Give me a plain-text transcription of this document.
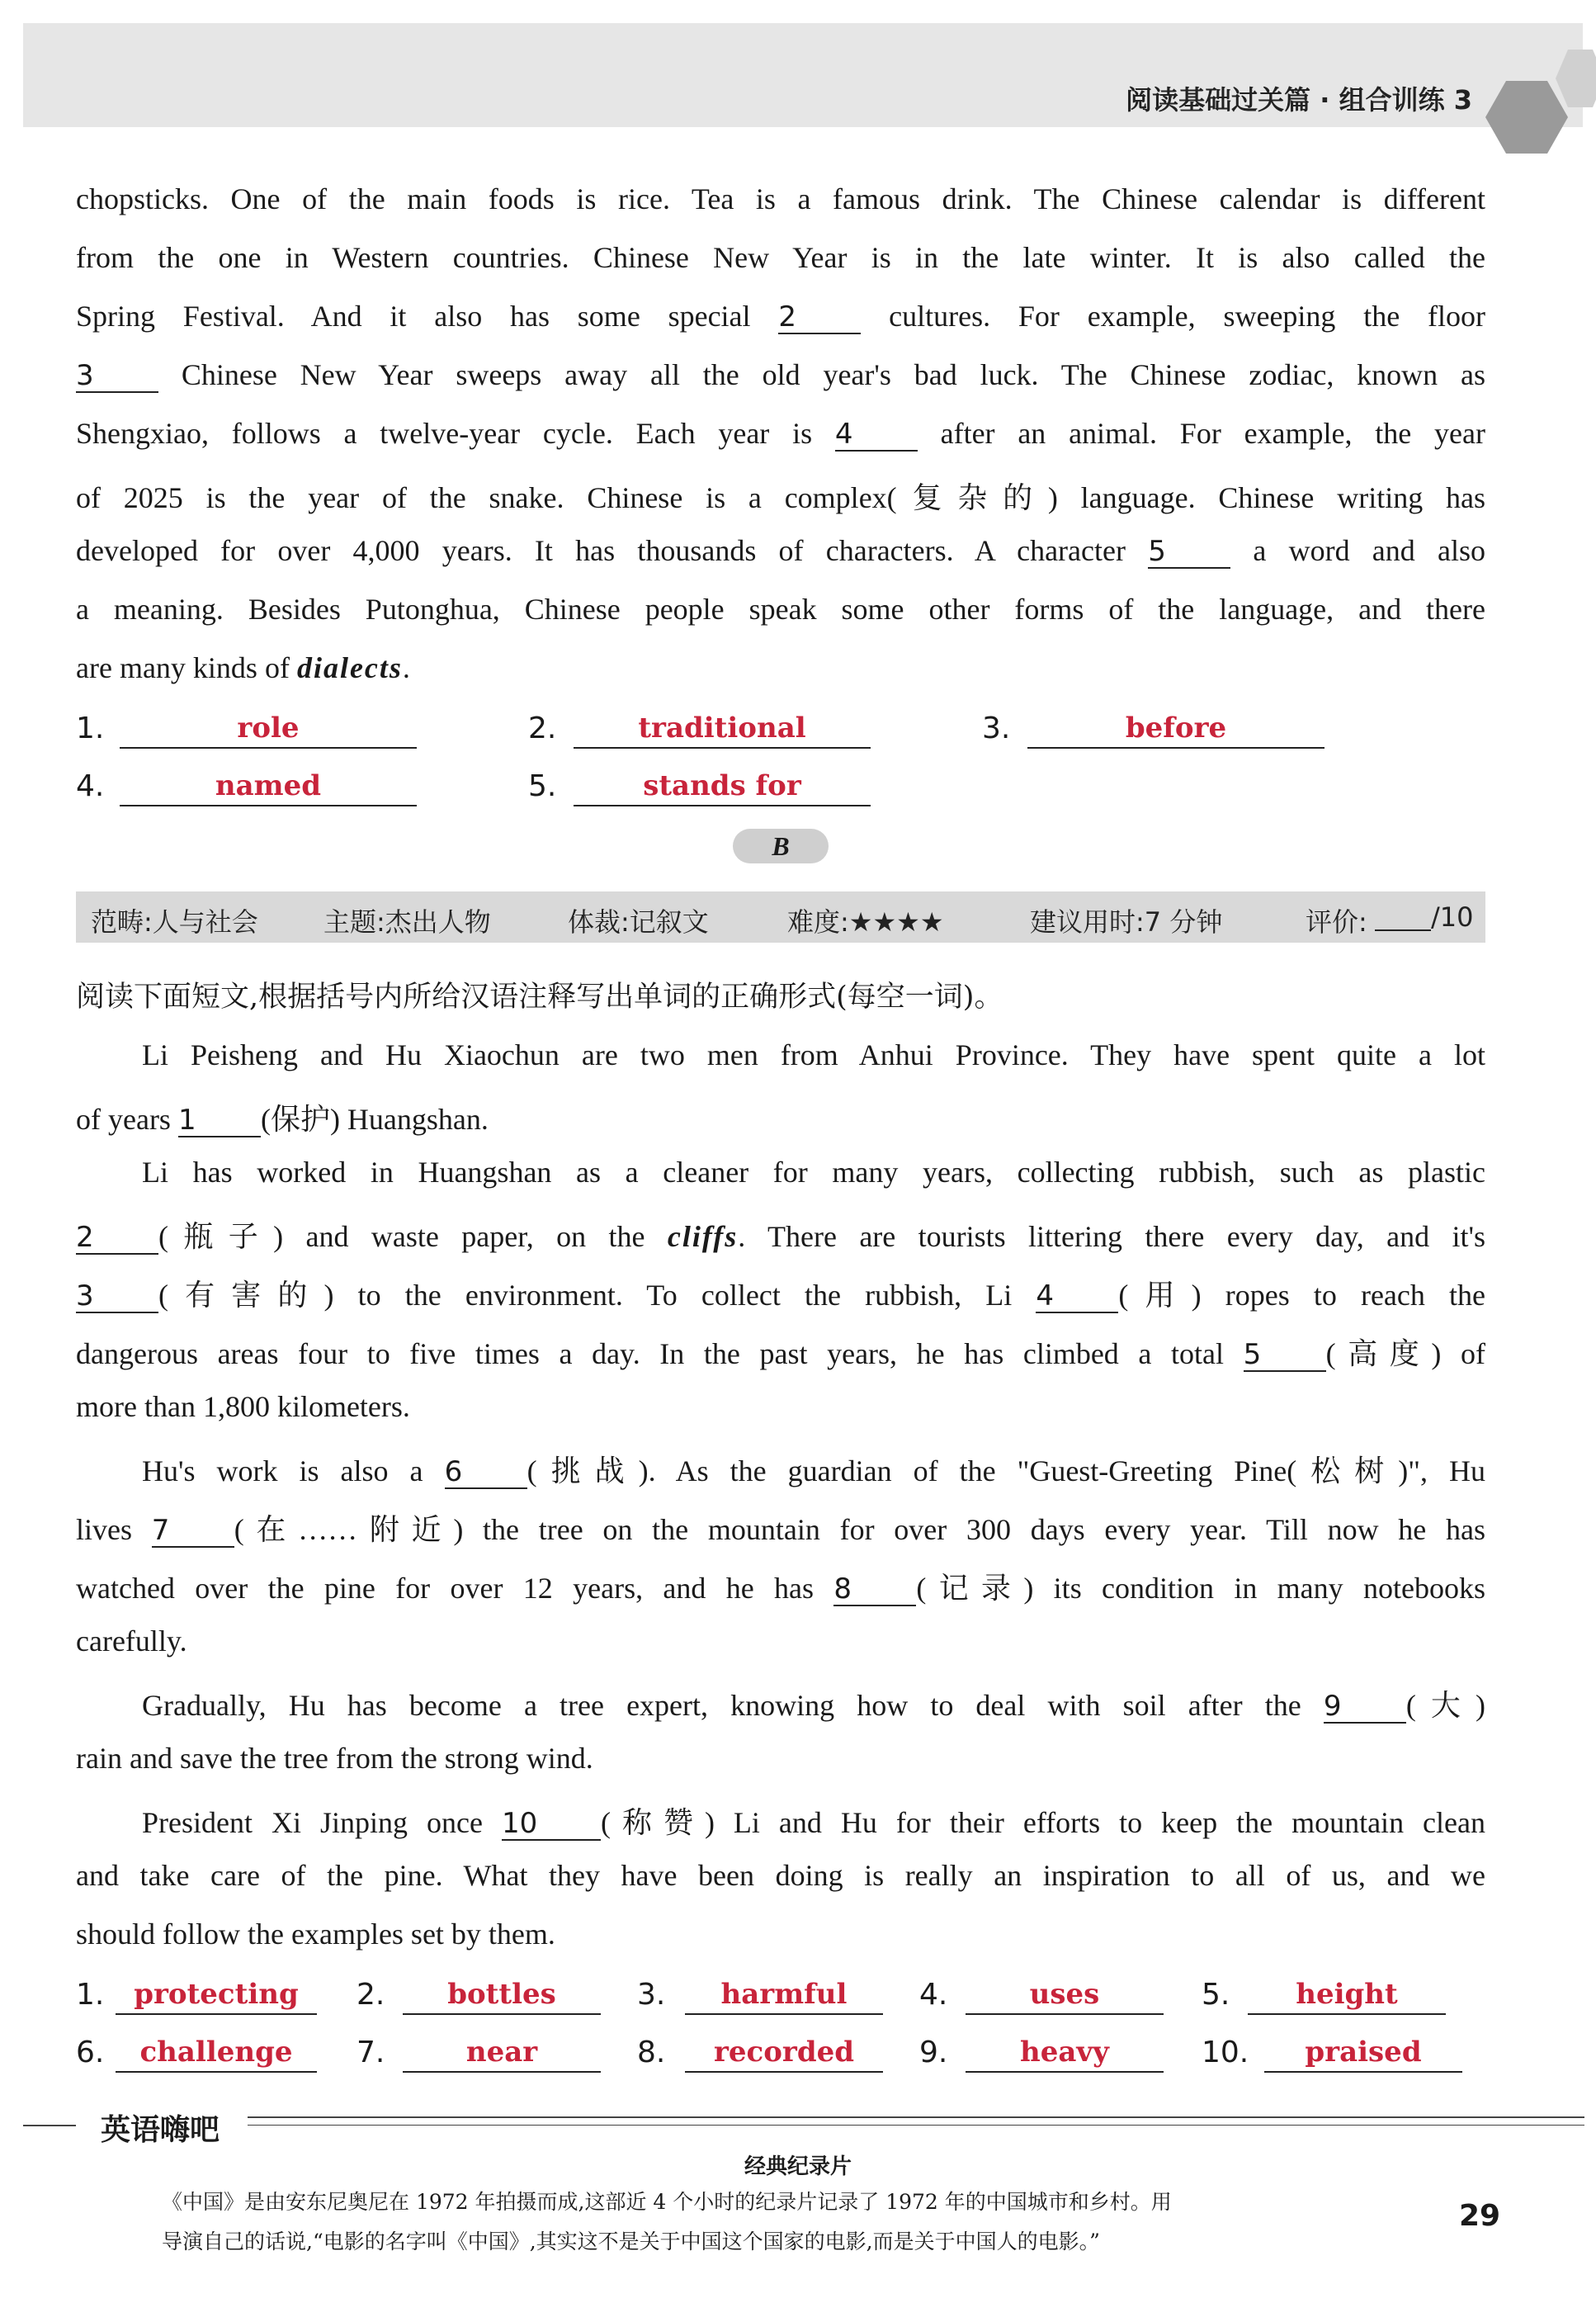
阅读基础过关篇 · 组合训练 3
chopsticks. One of the main foods is rice. Tea is a famous drink. The Chinese calendar is different
from the one in Western countries. Chinese New Year is in the late winter. It is also called the
Spring Festival. And it also has some special 2 cultures. For example, sweeping the floor
3 Chinese New Year sweeps away all the old year's bad luck. The Chinese zodiac, known as
Shengxiao, follows a twelve-year cycle. Each year is 4 after an animal. For example, the year
of 2025 is the year of the snake. Chinese is a complex(复杂的) language. Chinese writing has
developed for over 4,000 years. It has thousands of characters. A character 5 a word and also
a meaning. Besides Putonghua, Chinese people speak some other forms of the language, and there
are many kinds of dialects.
1.	role	2.	traditional	3.	before
4.	named	5.	stands for
B
范畴:人与社会 主题:杰出人物	体裁:记叙文	难度:★★★★	建议用时:7 分钟	评价: /10
阅读下面短文,根据括号内所给汉语注释写出单词的正确形式(每空一词)。
Li Peisheng and Hu Xiaochun are two men from Anhui Province. They have spent quite a lot
of years 1 (保护) Huangshan.
Li has worked in Huangshan as a cleaner for many years, collecting rubbish, such as plastic
2 (瓶子) and waste paper, on the cliffs. There are tourists littering there every day, and it's
3 (有害的) to the environment. To collect the rubbish, Li 4 (用) ropes to reach the
dangerous areas four to five times a day. In the past years, he has climbed a total 5 (高度) of
more than 1,800 kilometers.
Hu's work is also a 6 (挑战). As the guardian of the "Guest-Greeting Pine(松树)", Hu
lives 7 (在……附近) the tree on the mountain for over 300 days every year. Till now he has
watched over the pine for over 12 years, and he has 8 (记录) its condition in many notebooks
carefully.
Gradually, Hu has become a tree expert, knowing how to deal with soil after the 9 (大)
rain and save the tree from the strong wind.
President Xi Jinping once 10 (称赞) Li and Hu for their efforts to keep the mountain clean
and take care of the pine. What they have been doing is really an inspiration to all of us, and we
should follow the examples set by them.
1.	protecting	2.	bottles	3.	harmful	4.	uses	5.	height
6.	challenge	7.	near	8.	recorded	9.	heavy	10.	praised
英语嗨吧
经典纪录片
《中国》是由安东尼奥尼在 1972 年拍摄而成,这部近 4 个小时的纪录片记录了 1972 年的中国城市和乡村。用
导演自己的话说,“电影的名字叫《中国》,其实这不是关于中国这个国家的电影,而是关于中国人的电影。”
29
